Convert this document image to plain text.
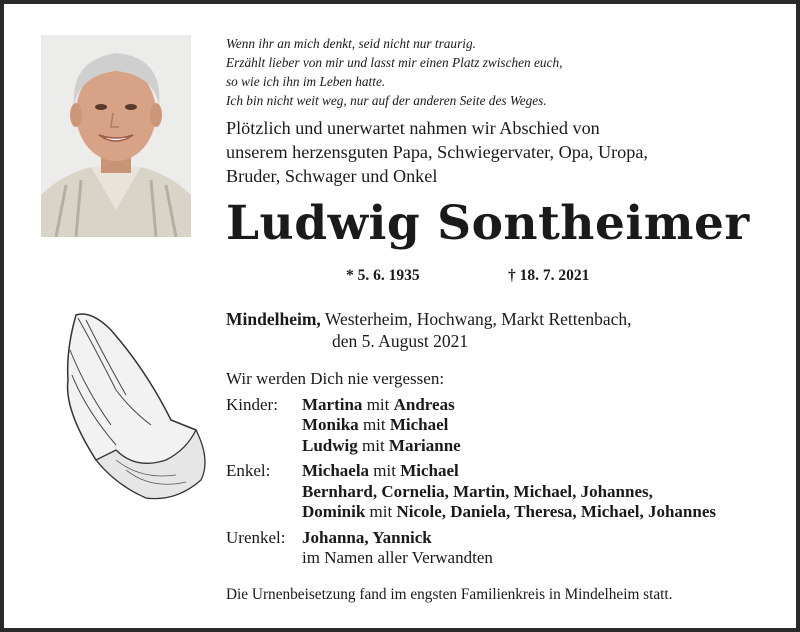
Wenn ihr an mich denkt, seid nicht nur traurig.
Erzählt lieber von mir und lasst mir einen Platz zwischen euch,
so wie ich ihn im Leben hatte.
Ich bin nicht weit weg, nur auf der anderen Seite des Weges.
Plötzlich und unerwartet nahmen wir Abschied von
unserem herzensguten Papa, Schwiegervater, Opa, Uropa,
Bruder, Schwager und Onkel
Ludwig Sontheimer
* 5. 6. 1935	† 18. 7. 2021
Mindelheim, Westerheim, Hochwang, Markt Rettenbach,
den 5. August 2021
Wir werden Dich nie vergessen:
Kinder:	Martina mit Andreas
Monika mit Michael
Ludwig mit Marianne
Enkel:	Michaela mit Michael
Bernhard, Cornelia, Martin, Michael, Johannes,
Dominik mit Nicole, Daniela, Theresa, Michael, Johannes
Urenkel: Johanna, Yannick
im Namen aller Verwandten
Die Urnenbeisetzung fand im engsten Familienkreis in Mindelheim statt.
